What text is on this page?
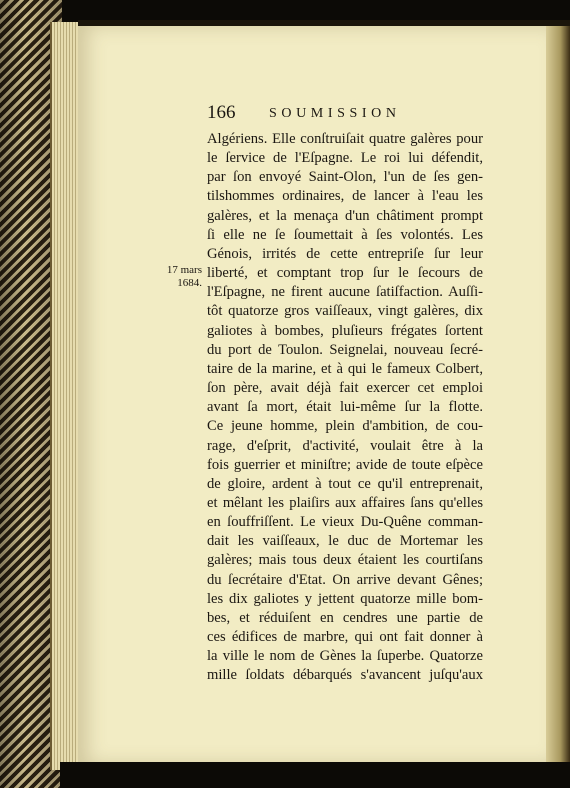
166 SOUMISSION
17 mars
1684.
Algériens. Elle conſtruiſait quatre galères pour
le ſervice de l'Eſpagne. Le roi lui défendit,
par ſon envoyé Saint-Olon, l'un de ſes gen-
tilshommes ordinaires, de lancer à l'eau les
galères, et la menaça d'un châtiment prompt
ſi elle ne ſe ſoumettait à ſes volontés. Les
Génois, irrités de cette entrepriſe ſur leur
liberté, et comptant trop ſur le ſecours de
l'Eſpagne, ne firent aucune ſatiſfaction. Auſſi-
tôt quatorze gros vaiſſeaux, vingt galères, dix
galiotes à bombes, pluſieurs frégates ſortent
du port de Toulon. Seignelai, nouveau ſecré-
taire de la marine, et à qui le fameux Colbert,
ſon père, avait déjà fait exercer cet emploi
avant ſa mort, était lui-même ſur la flotte.
Ce jeune homme, plein d'ambition, de cou-
rage, d'eſprit, d'activité, voulait être à la
fois guerrier et miniſtre; avide de toute eſpèce
de gloire, ardent à tout ce qu'il entreprenait,
et mêlant les plaiſirs aux affaires ſans qu'elles
en ſouffriſſent. Le vieux Du-Quêne comman-
dait les vaiſſeaux, le duc de Mortemar les
galères; mais tous deux étaient les courtiſans
du ſecrétaire d'Etat. On arrive devant Gênes;
les dix galiotes y jettent quatorze mille bom-
bes, et réduiſent en cendres une partie de
ces édifices de marbre, qui ont fait donner à
la ville le nom de Gènes la ſuperbe. Quatorze
mille ſoldats débarqués s'avancent juſqu'aux
